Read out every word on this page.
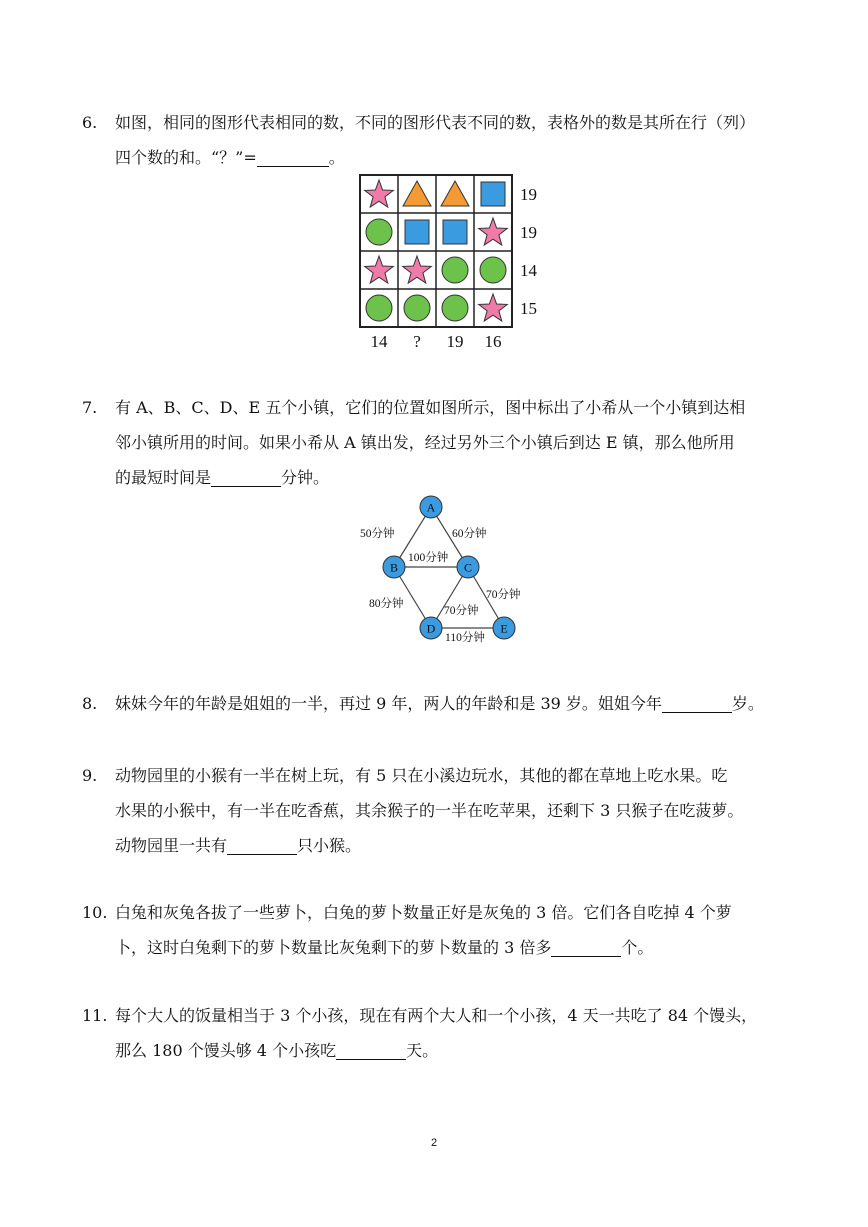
6. 如图，相同的图形代表相同的数，不同的图形代表不同的数，表格外的数是其所在行（列）
四个数的和。“？”=	。
19
19
14
15
14 ? 19 16
7. 有 A、B、C、D、E 五个小镇，它们的位置如图所示，图中标出了小希从一个小镇到达相
邻小镇所用的时间。如果小希从 A 镇出发，经过另外三个小镇后到达 E 镇，那么他所用
的最短时间是	分钟。
50分钟	60分钟
100分钟
80分钟
70分钟
70分钟
110分钟
A
B	C
D	E
8. 妹妹今年的年龄是姐姐的一半，再过 9 年，两人的年龄和是 39 岁。姐姐今年	岁。
9. 动物园里的小猴有一半在树上玩，有 5 只在小溪边玩水，其他的都在草地上吃水果。吃
水果的小猴中，有一半在吃香蕉，其余猴子的一半在吃苹果，还剩下 3 只猴子在吃菠萝。
动物园里一共有	只小猴。
10. 白兔和灰兔各拔了一些萝卜，白兔的萝卜数量正好是灰兔的 3 倍。它们各自吃掉 4 个萝
卜，这时白兔剩下的萝卜数量比灰兔剩下的萝卜数量的 3 倍多	个。
11. 每个大人的饭量相当于 3 个小孩，现在有两个大人和一个小孩，4 天一共吃了 84 个馒头，
那么 180 个馒头够 4 个小孩吃	天。
2
